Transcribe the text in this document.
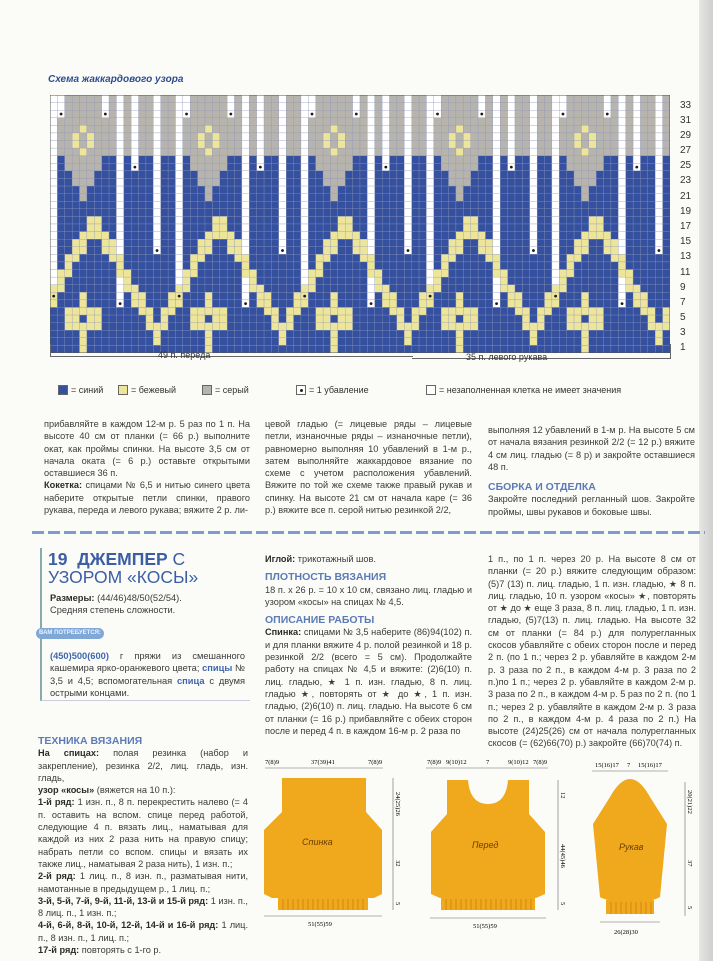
Схема жаккардового узора
33
31
29
27
25
23
21
19
17
15
13
11
9
7
5
3
1
49 п. переда	35 п. левого рукава
= синий	= бежевый	= серый	= 1 убавление	= незаполненная клетка не имеет значения

прибавляйте в каждом 12-м р. 5 раз по 1 п. На высоте 40 см от планки (= 66 р.) выполните окат, как проймы спинки. На высоте 3,5 см от начала оката (= 6 р.) оставьте открытыми оставшиеся 36 п.

Кокетка: спицами № 6,5 и нитью синего цвета наберите открытые петли спинки, правого рукава, переда и левого рукава; вяжите 2 р. ли-

цевой гладью (= лицевые ряды – лицевые петли, изнаночные ряды – изнаночные петли), равномерно выполняя 10 убавлений в 1-м р., затем выполняйте жаккардовое вязание по схеме с учетом расположения убавлений. Вяжите по той же схеме также правый рукав и спинку. На высоте 21 см от начала каре (= 36 р.) вяжите все п. серой нитью резинкой 2/2,

выполняя 12 убавлений в 1-м р. На высоте 5 см от начала вязания резинкой 2/2 (= 12 р.) вяжите 4 см лиц. гладью (= 8 р) и закройте оставшиеся 48 п.

СБОРКА И ОТДЕЛКА

Закройте последний регланный шов. Закройте проймы, швы рукавов и боковые швы.

19 ДЖЕМПЕР С УЗОРОМ «КОСЫ»

Размеры: (44/46)48/50(52/54).

Средняя степень сложности.

ВАМ ПОТРЕБУЕТСЯ:

(450)500(600) г пряжи из смешанного кашемира ярко-оранжевого цвета; спицы № 3,5 и 4,5; вспомогательная спица с двумя острыми концами.

ТЕХНИКА ВЯЗАНИЯ

На спицах: полая резинка (набор и закрепление), резинка 2/2, лиц. гладь, изн. гладь,

узор «косы» (вяжется на 10 п.):

1-й ряд: 1 изн. п., 8 п. перекрестить налево (= 4 п. оставить на вспом. спице перед работой, следующие 4 п. вязать лиц., наматывая для каждой из них 2 раза нить на правую спицу; набрать петли со вспом. спицы и вязать их также лиц., наматывая 2 раза нить), 1 изн. п.;

2-й ряд: 1 лиц. п., 8 изн. п., разматывая нити, намотанные в предыдущем р., 1 лиц. п.;

3-й, 5-й, 7-й, 9-й, 11-й, 13-й и 15-й ряд: 1 изн. п., 8 лиц. п., 1 изн. п.;

4-й, 6-й, 8-й, 10-й, 12-й, 14-й и 16-й ряд: 1 лиц. п., 8 изн. п., 1 лиц. п.;

17-й ряд: повторять с 1-го р.

Иглой: трикотажный шов.

ПЛОТНОСТЬ ВЯЗАНИЯ

18 п. х 26 р. = 10 х 10 см, связано лиц. гладью и узором «косы» на спицах № 4,5.

ОПИСАНИЕ РАБОТЫ

Спинка: спицами № 3,5 наберите (86)94(102) п. и для планки вяжите 4 р. полой резинкой и 18 р. резинкой 2/2 (всего = 5 см). Продолжайте работу на спицах № 4,5 и вяжите: (2)6(10) п. лиц. гладью, ★ 1 п. изн. гладью, 8 п. лиц. гладью ★, повторять от ★ до ★, 1 п. изн. гладью, (2)6(10) п. лиц. гладью. На высоте 6 см от планки (= 16 р.) прибавляйте с обеих сторон после и перед 4 п. в каждом 16-м р. 2 раза по

1 п., по 1 п. через 20 р. На высоте 8 см от планки (= 20 р.) вяжите следующим образом: (5)7 (13) п. лиц. гладью, 1 п. изн. гладью, ★ 8 п. лиц. гладью, 10 п. узором «косы» ★, повторять от ★ до ★ еще 3 раза, 8 п. лиц. гладью, 1 п. изн. гладью, (5)7(13) п. лиц. гладью. На высоте 32 см от планки (= 84 р.) для полурегланных скосов убавляйте с обеих сторон после и перед 2 п. (по 1 п.; через 2 р. убавляйте в каждом 2-м р. 3 раза по 2 п., в каждом 4-м р. 3 раза по 2 п.)по 1 п.; через 2 р. убавляйте в каждом 2-м р. 3 раза по 2 п., в каждом 4-м р. 5 раз по 2 п. (по 1 п.; через 2 р. убавляйте в каждом 2-м р. 3 раза по 2 п., в каждом 4-м р. 4 раза по 2 п.) На высоте (24)25(26) см от начала полурегланных скосов (= (62)66(70) р.) закройте (66)70(74) п.

7(8)9	37(39)41	7(8)9
Спинка
24(25)26
32
5
51(55)59
7(8)9 9(10)12	7	9(10)12 7(8)9
Перед
12
44(45)46
5
51(55)59
15(16)17 7 15(16)17
Рукав
20(21)22
37
5
26(28)30
